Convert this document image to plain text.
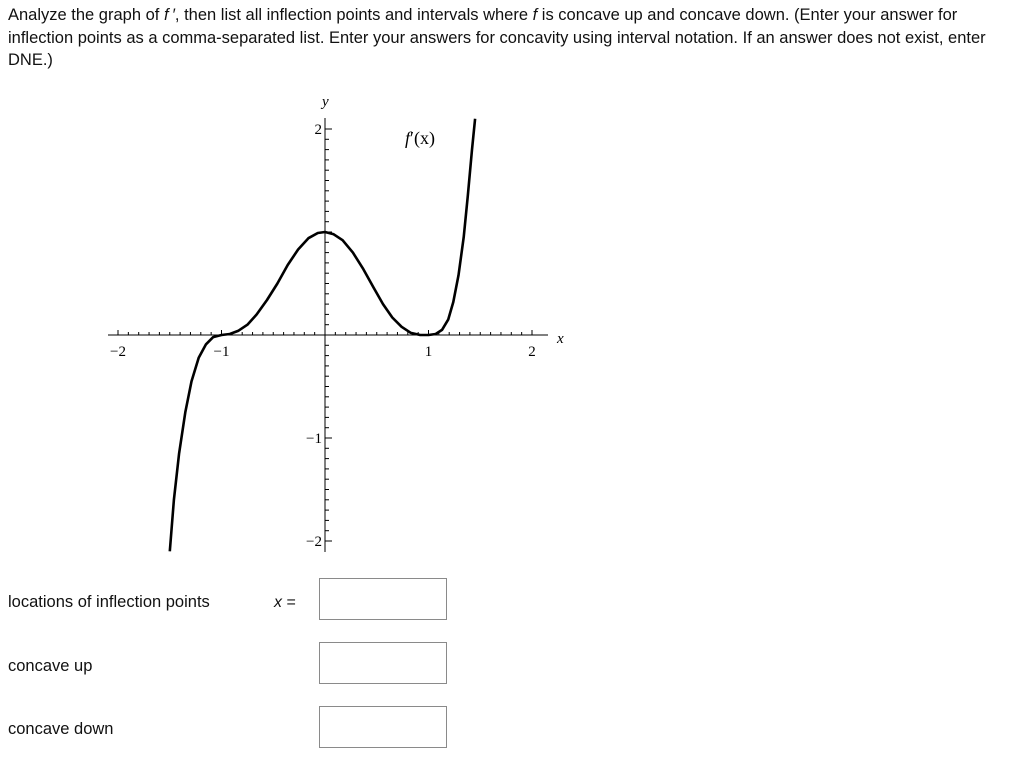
Analyze the graph of f ′, then list all inflection points and intervals where f is concave up and concave down. (Enter your answer for inflection points as a comma-separated list. Enter your answers for concavity using interval notation. If an answer does not exist, enter DNE.)
x
y
f′(x)
−2	−1	1	2
2
−1
−2
locations of inflection points	x =
concave up
concave down
